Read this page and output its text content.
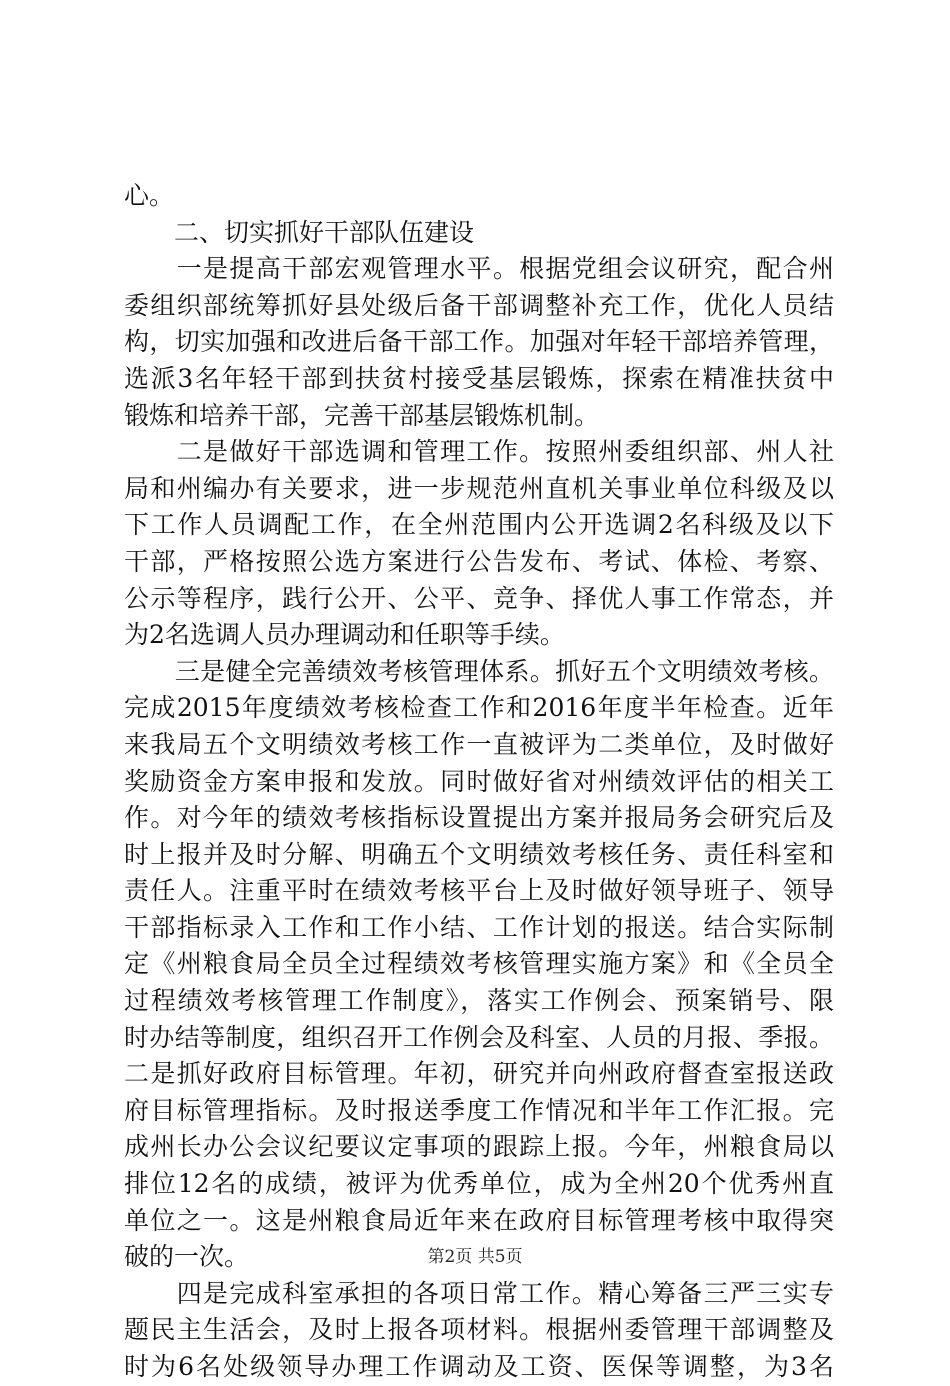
心。
　　二、切实抓好干部队伍建设
　　一是提高干部宏观管理水平。根据党组会议研究，配合州
委组织部统筹抓好县处级后备干部调整补充工作，优化人员结
构，切实加强和改进后备干部工作。加强对年轻干部培养管理，
选派3名年轻干部到扶贫村接受基层锻炼，探索在精准扶贫中
锻炼和培养干部，完善干部基层锻炼机制。
　　二是做好干部选调和管理工作。按照州委组织部、州人社
局和州编办有关要求，进一步规范州直机关事业单位科级及以
下工作人员调配工作，在全州范围内公开选调2名科级及以下
干部，严格按照公选方案进行公告发布、考试、体检、考察、
公示等程序，践行公开、公平、竞争、择优人事工作常态，并
为2名选调人员办理调动和任职等手续。
　　三是健全完善绩效考核管理体系。抓好五个文明绩效考核。
完成2015年度绩效考核检查工作和2016年度半年检查。近年
来我局五个文明绩效考核工作一直被评为二类单位，及时做好
奖励资金方案申报和发放。同时做好省对州绩效评估的相关工
作。对今年的绩效考核指标设置提出方案并报局务会研究后及
时上报并及时分解、明确五个文明绩效考核任务、责任科室和
责任人。注重平时在绩效考核平台上及时做好领导班子、领导
干部指标录入工作和工作小结、工作计划的报送。结合实际制
定《州粮食局全员全过程绩效考核管理实施方案》和《全员全
过程绩效考核管理工作制度》，落实工作例会、预案销号、限
时办结等制度，组织召开工作例会及科室、人员的月报、季报。
二是抓好政府目标管理。年初，研究并向州政府督查室报送政
府目标管理指标。及时报送季度工作情况和半年工作汇报。完
成州长办公会议纪要议定事项的跟踪上报。今年，州粮食局以
排位12名的成绩，被评为优秀单位，成为全州20个优秀州直
单位之一。这是州粮食局近年来在政府目标管理考核中取得突
破的一次。
　　四是完成科室承担的各项日常工作。精心筹备三严三实专
题民主生活会，及时上报各项材料。根据州委管理干部调整及
时为6名处级领导办理工作调动及工资、医保等调整，为3名
第2页 共5页
